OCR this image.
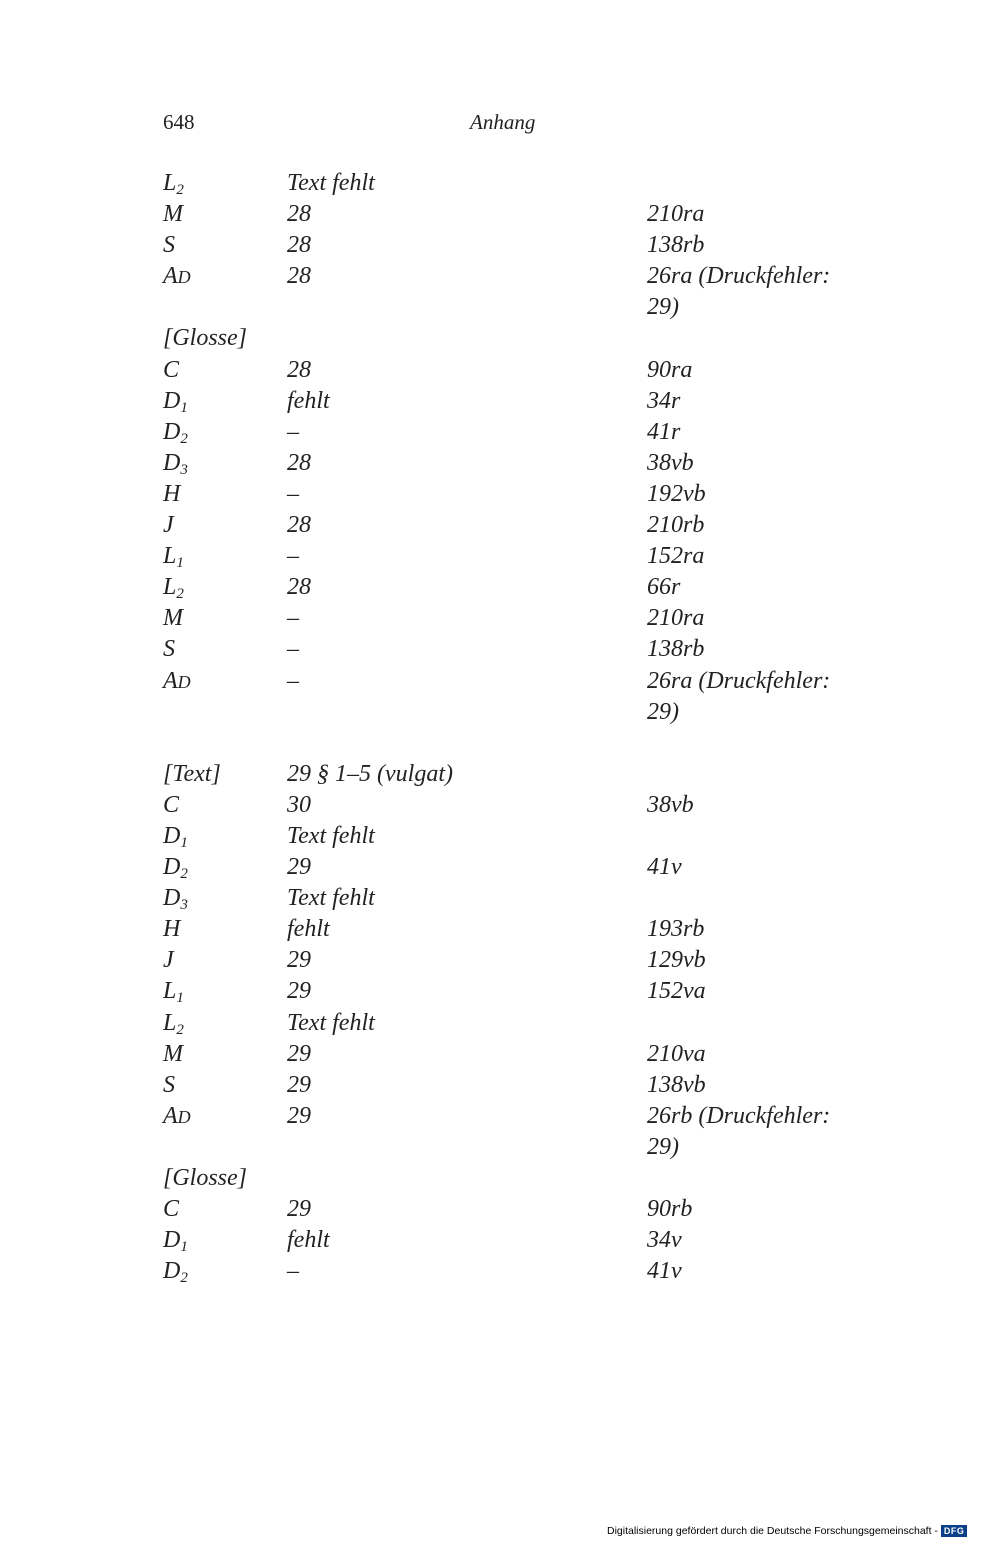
648	Anhang
$L_2$	Text fehlt
M	28	210ra
S	28	138rb
AD	28	26ra (Druckfehler:
29)
[Glosse]
C	28	90ra
$D_1$	fehlt	34r
$D_2$	–	41r
$D_3$	28	38vb
H	–	192vb
J	28	210rb
$L_1$	–	152ra
$L_2$	28	66r
M	–	210ra
S	–	138rb
AD	–	26ra (Druckfehler:
29)
[Text]	29 § 1–5 (vulgat)
C	30	38vb
$D_1$	Text fehlt
$D_2$	29	41v
$D_3$	Text fehlt
H	fehlt	193rb
J	29	129vb
$L_1$	29	152va
$L_2$	Text fehlt
M	29	210va
S	29	138vb
AD	29	26rb (Druckfehler:
29)
[Glosse]
C	29	90rb
$D_1$	fehlt	34v
$D_2$	–	41v
Digitalisierung gefördert durch die Deutsche Forschungsgemeinschaft - DFG
